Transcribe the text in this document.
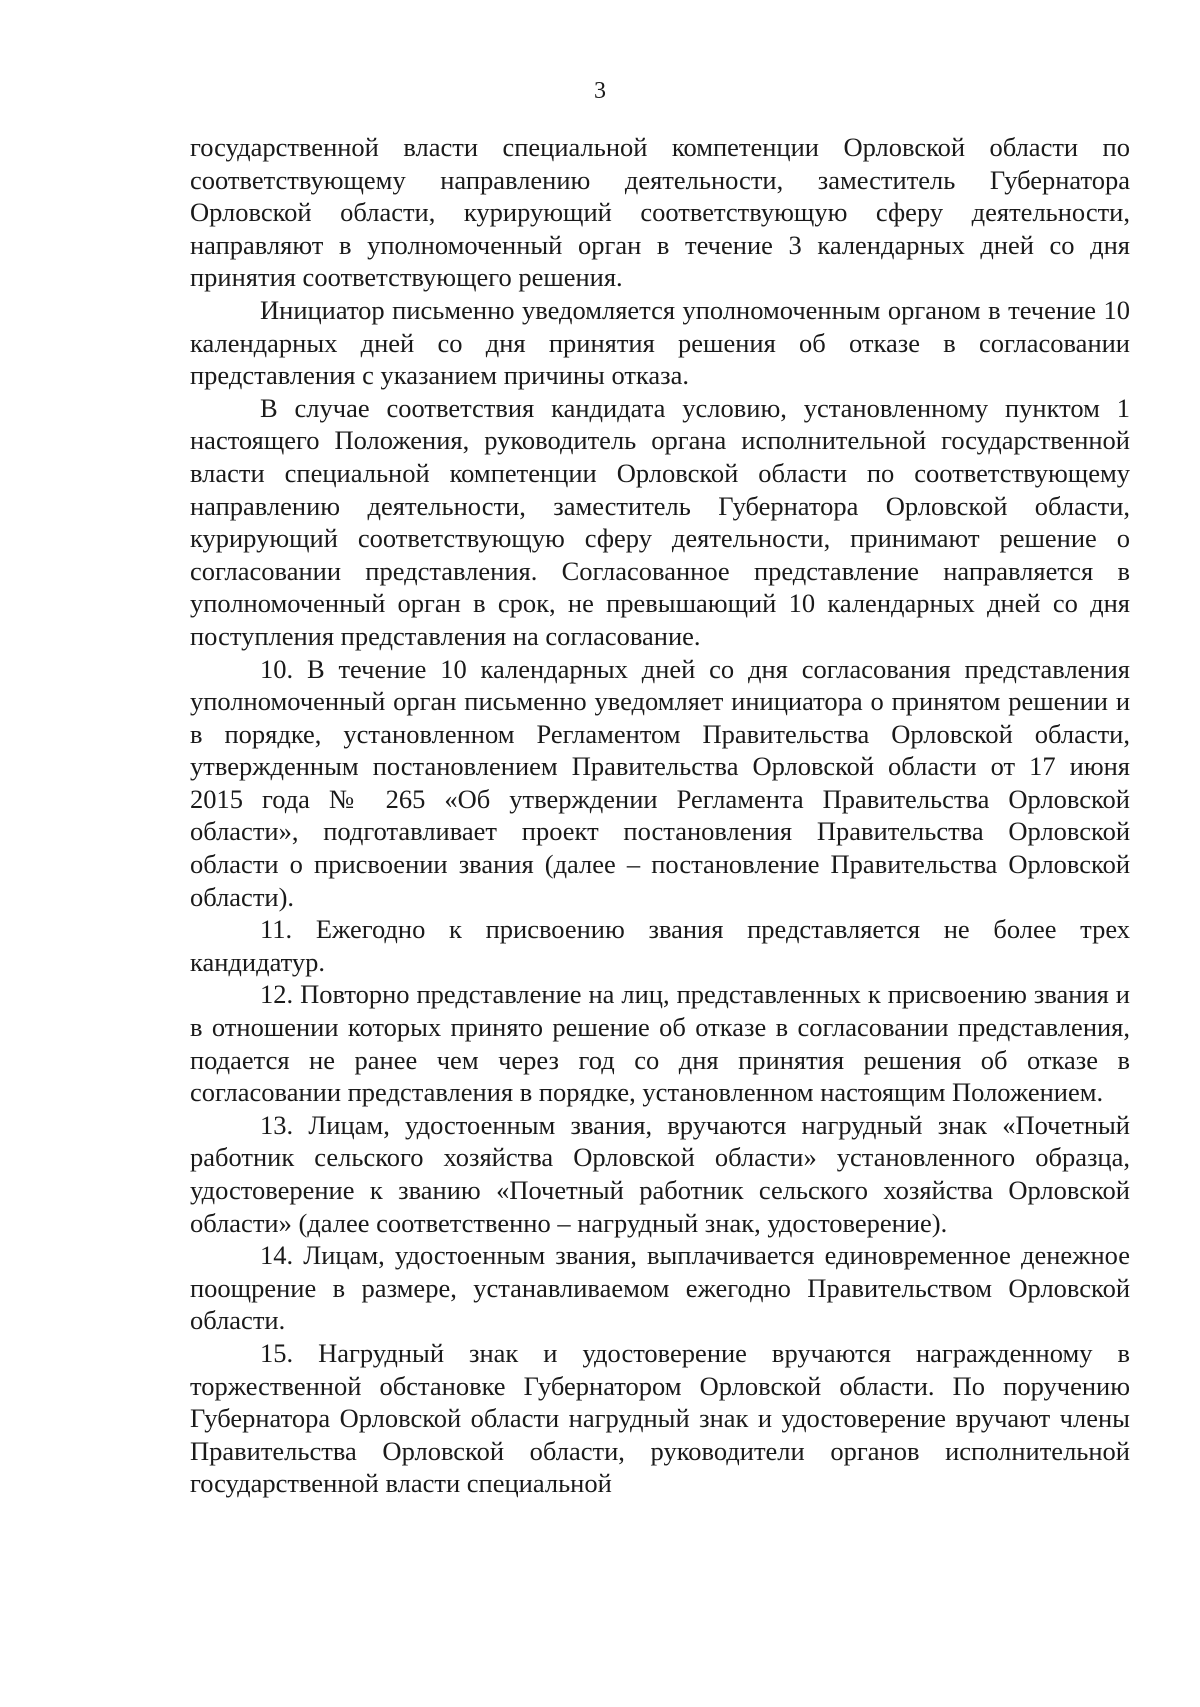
3

государственной власти специальной компетенции Орловской области по соответствующему направлению деятельности, заместитель Губернатора Орловской области, курирующий соответствующую сферу деятельности, направляют в уполномоченный орган в течение 3 календарных дней со дня принятия соответствующего решения.

Инициатор письменно уведомляется уполномоченным органом в течение 10 календарных дней со дня принятия решения об отказе в согласовании представления с указанием причины отказа.

В случае соответствия кандидата условию, установленному пунктом 1 настоящего Положения, руководитель органа исполнительной государственной власти специальной компетенции Орловской области по соответствующему направлению деятельности, заместитель Губернатора Орловской области, курирующий соответствующую сферу деятельности, принимают решение о согласовании представления. Согласованное представление направляется в уполномоченный орган в срок, не превышающий 10 календарных дней со дня поступления представления на согласование.

10. В течение 10 календарных дней со дня согласования представления уполномоченный орган письменно уведомляет инициатора о принятом решении и в порядке, установленном Регламентом Правительства Орловской области, утвержденным постановлением Правительства Орловской области от 17 июня 2015 года № 265 «Об утверждении Регламента Правительства Орловской области», подготавливает проект постановления Правительства Орловской области о присвоении звания (далее – постановление Правительства Орловской области).

11. Ежегодно к присвоению звания представляется не более трех кандидатур.

12. Повторно представление на лиц, представленных к присвоению звания и в отношении которых принято решение об отказе в согласовании представления, подается не ранее чем через год со дня принятия решения об отказе в согласовании представления в порядке, установленном настоящим Положением.

13. Лицам, удостоенным звания, вручаются нагрудный знак «Почетный работник сельского хозяйства Орловской области» установленного образца, удостоверение к званию «Почетный работник сельского хозяйства Орловской области» (далее соответственно – нагрудный знак, удостоверение).

14. Лицам, удостоенным звания, выплачивается единовременное денежное поощрение в размере, устанавливаемом ежегодно Правительством Орловской области.

15. Нагрудный знак и удостоверение вручаются награжденному в торжественной обстановке Губернатором Орловской области. По поручению Губернатора Орловской области нагрудный знак и удостоверение вручают члены Правительства Орловской области, руководители органов исполнительной государственной власти специальной
